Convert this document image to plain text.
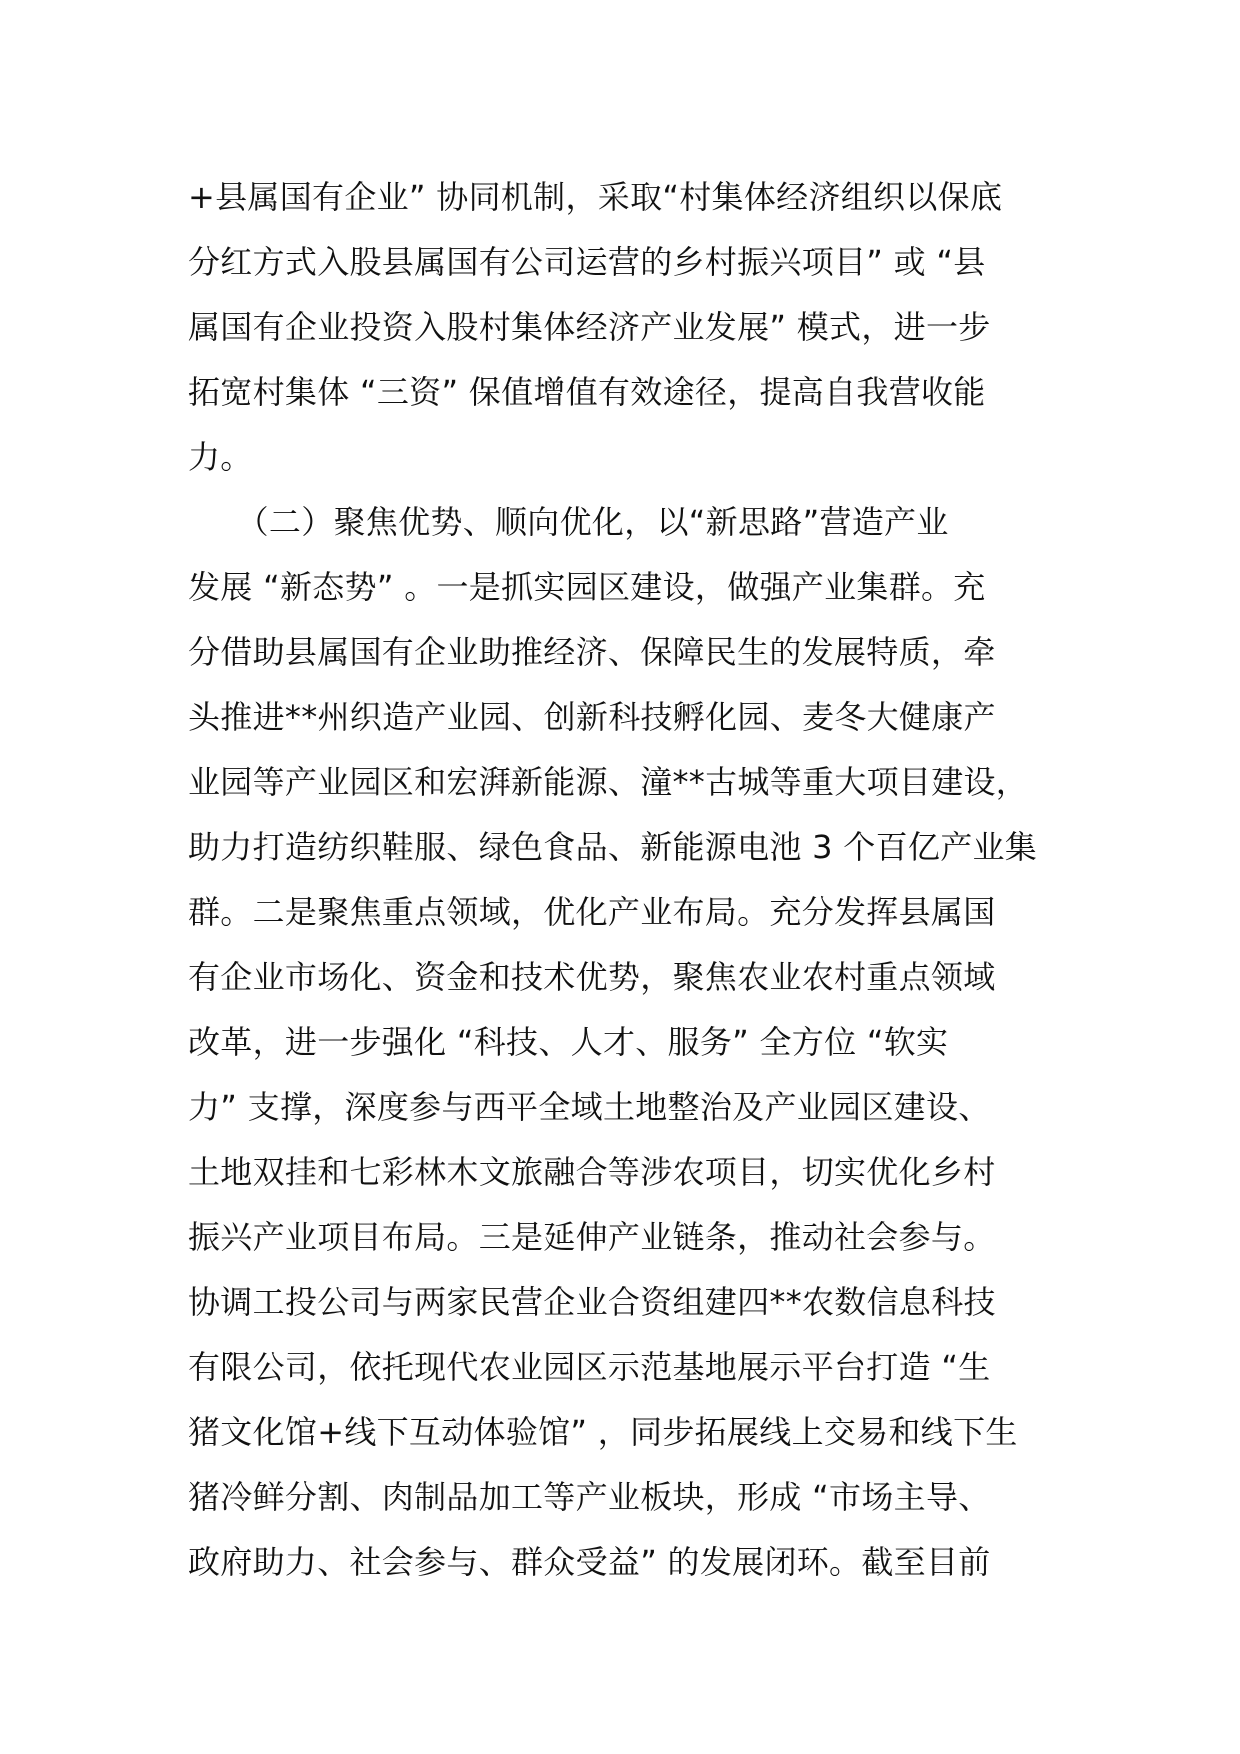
+县属国有企业” 协同机制，采取“村集体经济组织以保底
分红方式入股县属国有公司运营的乡村振兴项目” 或 “县
属国有企业投资入股村集体经济产业发展” 模式，进一步
拓宽村集体 “三资” 保值增值有效途径，提高自我营收能
力。
　　（二）聚焦优势、顺向优化，以“新思路”营造产业
发展 “新态势” 。一是抓实园区建设，做强产业集群。充
分借助县属国有企业助推经济、保障民生的发展特质，牵
头推进**州织造产业园、创新科技孵化园、麦冬大健康产
业园等产业园区和宏湃新能源、潼**古城等重大项目建设，
助力打造纺织鞋服、绿色食品、新能源电池 3 个百亿产业集
群。二是聚焦重点领域，优化产业布局。充分发挥县属国
有企业市场化、资金和技术优势，聚焦农业农村重点领域
改革，进一步强化 “科技、人才、服务” 全方位 “软实
力” 支撑，深度参与西平全域土地整治及产业园区建设、
土地双挂和七彩林木文旅融合等涉农项目，切实优化乡村
振兴产业项目布局。三是延伸产业链条，推动社会参与。
协调工投公司与两家民营企业合资组建四**农数信息科技
有限公司，依托现代农业园区示范基地展示平台打造 “生
猪文化馆+线下互动体验馆” ，同步拓展线上交易和线下生
猪冷鲜分割、肉制品加工等产业板块，形成 “市场主导、
政府助力、社会参与、群众受益” 的发展闭环。截至目前
